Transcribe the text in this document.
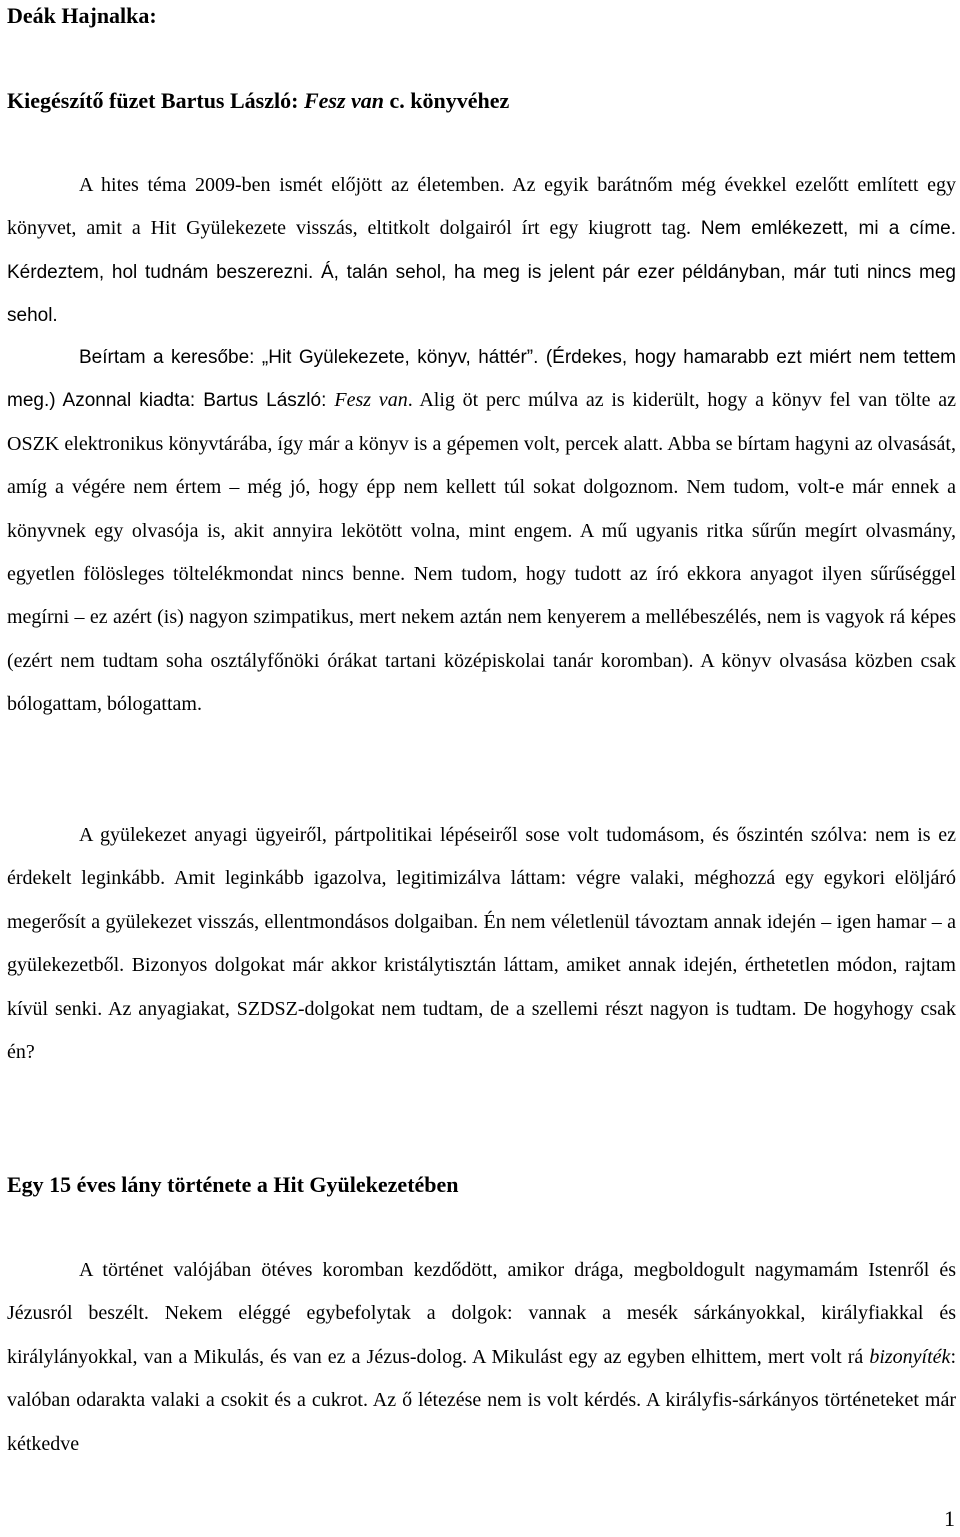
Deák Hajnalka:

Kiegészítő füzet Bartus László: Fesz van c. könyvéhez

A hites téma 2009-ben ismét előjött az életemben. Az egyik barátnőm még évekkel ezelőtt említett egy könyvet, amit a Hit Gyülekezete visszás, eltitkolt dolgairól írt egy kiugrott tag. Nem emlékezett, mi a címe. Kérdeztem, hol tudnám beszerezni. Á, talán sehol, ha meg is jelent pár ezer példányban, már tuti nincs meg sehol.

Beírtam a keresőbe: „Hit Gyülekezete, könyv, háttér”. (Érdekes, hogy hamarabb ezt miért nem tettem meg.) Azonnal kiadta: Bartus László: Fesz van. Alig öt perc múlva az is kiderült, hogy a könyv fel van tölte az OSZK elektronikus könyvtárába, így már a könyv is a gépemen volt, percek alatt. Abba se bírtam hagyni az olvasását, amíg a végére nem értem – még jó, hogy épp nem kellett túl sokat dolgoznom. Nem tudom, volt-e már ennek a könyvnek egy olvasója is, akit annyira lekötött volna, mint engem. A mű ugyanis ritka sűrűn megírt olvasmány, egyetlen fölösleges töltelékmondat nincs benne. Nem tudom, hogy tudott az író ekkora anyagot ilyen sűrűséggel megírni – ez azért (is) nagyon szimpatikus, mert nekem aztán nem kenyerem a mellébeszélés, nem is vagyok rá képes (ezért nem tudtam soha osztályfőnöki órákat tartani középiskolai tanár koromban). A könyv olvasása közben csak bólogattam, bólogattam.

A gyülekezet anyagi ügyeiről, pártpolitikai lépéseiről sose volt tudomásom, és őszintén szólva: nem is ez érdekelt leginkább. Amit leginkább igazolva, legitimizálva láttam: végre valaki, méghozzá egy egykori elöljáró megerősít a gyülekezet visszás, ellentmondásos dolgaiban. Én nem véletlenül távoztam annak idején – igen hamar – a gyülekezetből. Bizonyos dolgokat már akkor kristálytisztán láttam, amiket annak idején, érthetetlen módon, rajtam kívül senki. Az anyagiakat, SZDSZ-dolgokat nem tudtam, de a szellemi részt nagyon is tudtam. De hogyhogy csak én?

Egy 15 éves lány története a Hit Gyülekezetében

A történet valójában ötéves koromban kezdődött, amikor drága, megboldogult nagymamám Istenről és Jézusról beszélt. Nekem eléggé egybefolytak a dolgok: vannak a mesék sárkányokkal, királyfiakkal és királylányokkal, van a Mikulás, és van ez a Jézus-dolog. A Mikulást egy az egyben elhittem, mert volt rá bizonyíték: valóban odarakta valaki a csokit és a cukrot. Az ő létezése nem is volt kérdés. A királyfis-sárkányos történeteket már kétkedve

1
